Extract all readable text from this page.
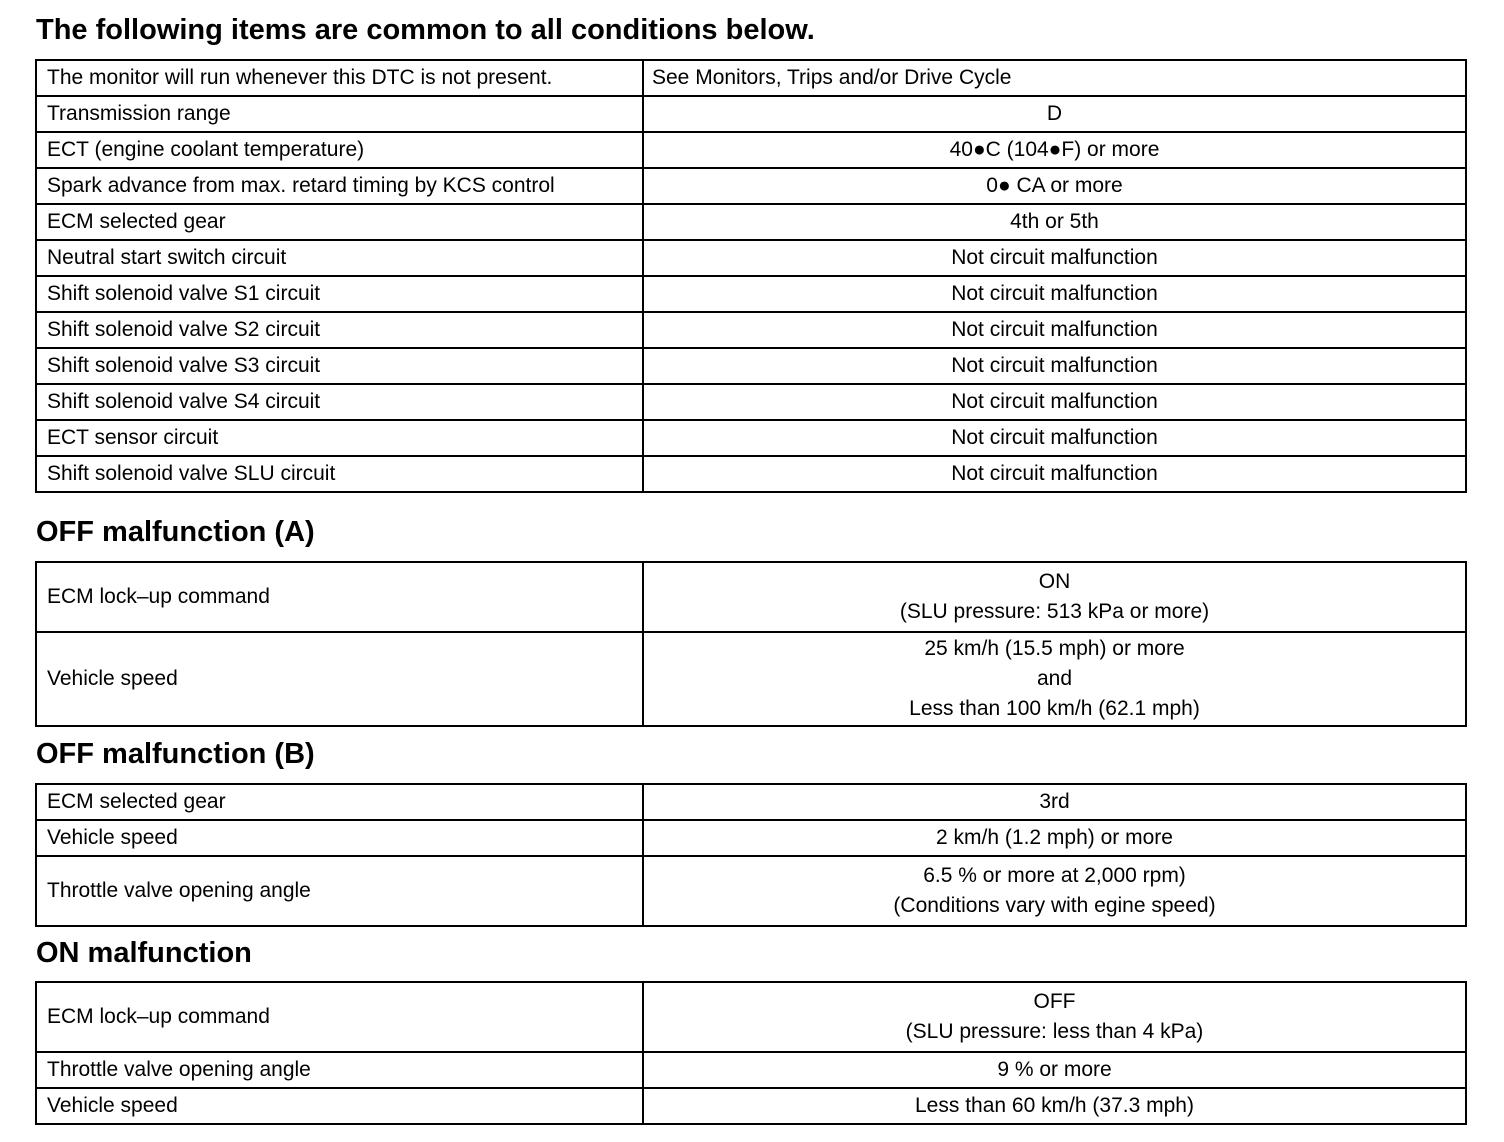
The following items are common to all conditions below.
The monitor will run whenever this DTC is not present.	See Monitors, Trips and/or Drive Cycle
Transmission range	D
ECT (engine coolant temperature)	40●C (104●F) or more
Spark advance from max. retard timing by KCS control	0● CA or more
ECM selected gear	4th or 5th
Neutral start switch circuit	Not circuit malfunction
Shift solenoid valve S1 circuit	Not circuit malfunction
Shift solenoid valve S2 circuit	Not circuit malfunction
Shift solenoid valve S3 circuit	Not circuit malfunction
Shift solenoid valve S4 circuit	Not circuit malfunction
ECT sensor circuit	Not circuit malfunction
Shift solenoid valve SLU circuit	Not circuit malfunction
OFF malfunction (A)
ECM lock–up command	ON
(SLU pressure: 513 kPa or more)

Vehicle speed	25 km/h (15.5 mph) or more
and
Less than 100 km/h (62.1 mph)
OFF malfunction (B)
ECM selected gear	3rd
Vehicle speed	2 km/h (1.2 mph) or more
Throttle valve opening angle	6.5 % or more at 2,000 rpm)
(Conditions vary with egine speed)
ON malfunction
ECM lock–up command	OFF
(SLU pressure: less than 4 kPa)

Throttle valve opening angle	9 % or more
Vehicle speed	Less than 60 km/h (37.3 mph)
